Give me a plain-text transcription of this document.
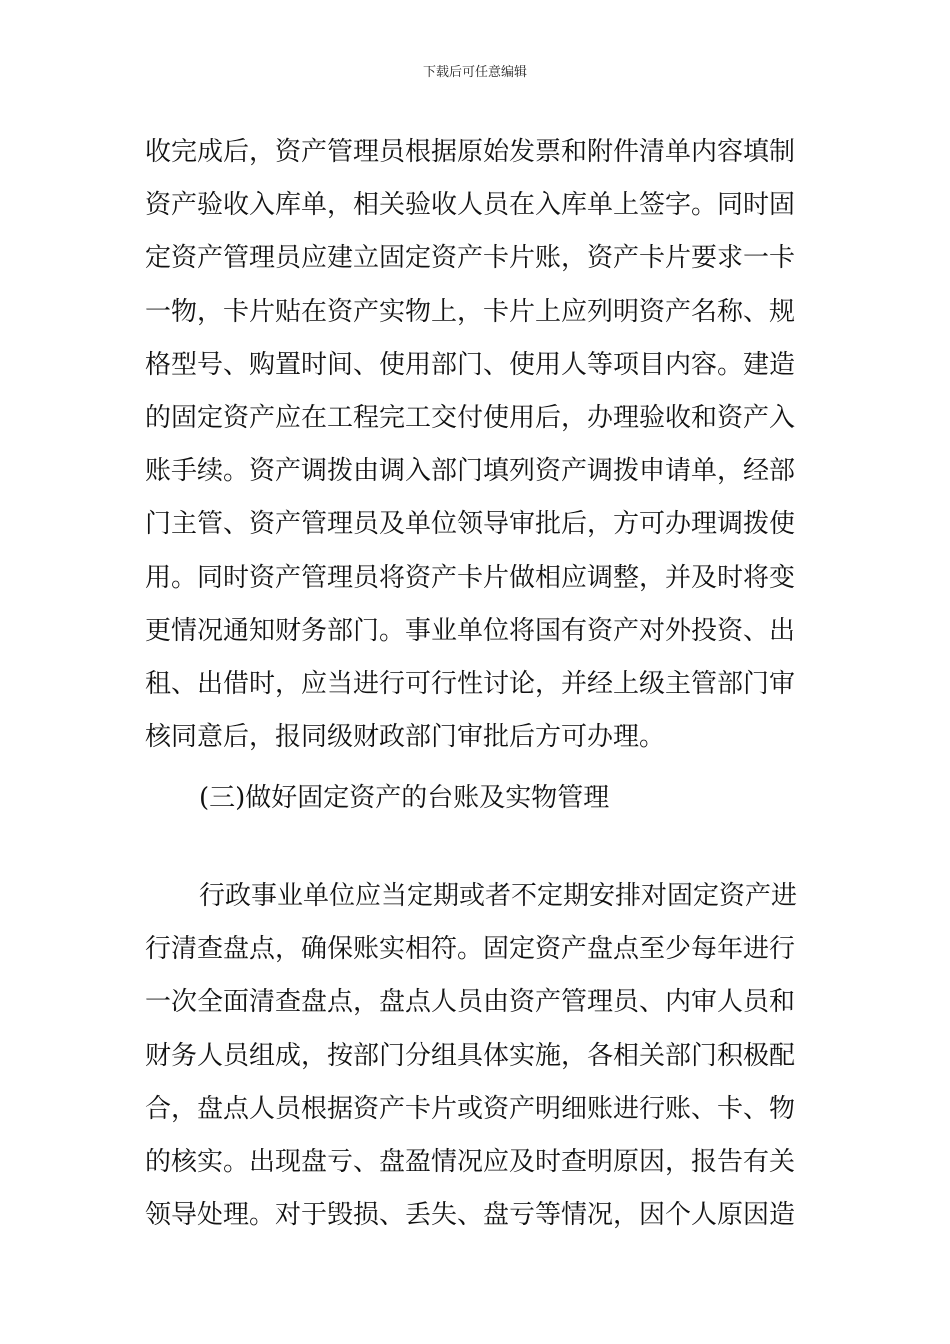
下载后可任意编辑
收完成后，资产管理员根据原始发票和附件清单内容填制
资产验收入库单，相关验收人员在入库单上签字。同时固
定资产管理员应建立固定资产卡片账，资产卡片要求一卡
一物，卡片贴在资产实物上，卡片上应列明资产名称、规
格型号、购置时间、使用部门、使用人等项目内容。建造
的固定资产应在工程完工交付使用后，办理验收和资产入
账手续。资产调拨由调入部门填列资产调拨申请单，经部
门主管、资产管理员及单位领导审批后，方可办理调拨使
用。同时资产管理员将资产卡片做相应调整，并及时将变
更情况通知财务部门。事业单位将国有资产对外投资、出
租、出借时，应当进行可行性讨论，并经上级主管部门审
核同意后，报同级财政部门审批后方可办理。
(三)做好固定资产的台账及实物管理
行政事业单位应当定期或者不定期安排对固定资产进
行清查盘点，确保账实相符。固定资产盘点至少每年进行
一次全面清查盘点，盘点人员由资产管理员、内审人员和
财务人员组成，按部门分组具体实施，各相关部门积极配
合，盘点人员根据资产卡片或资产明细账进行账、卡、物
的核实。出现盘亏、盘盈情况应及时查明原因，报告有关
领导处理。对于毁损、丢失、盘亏等情况，因个人原因造
